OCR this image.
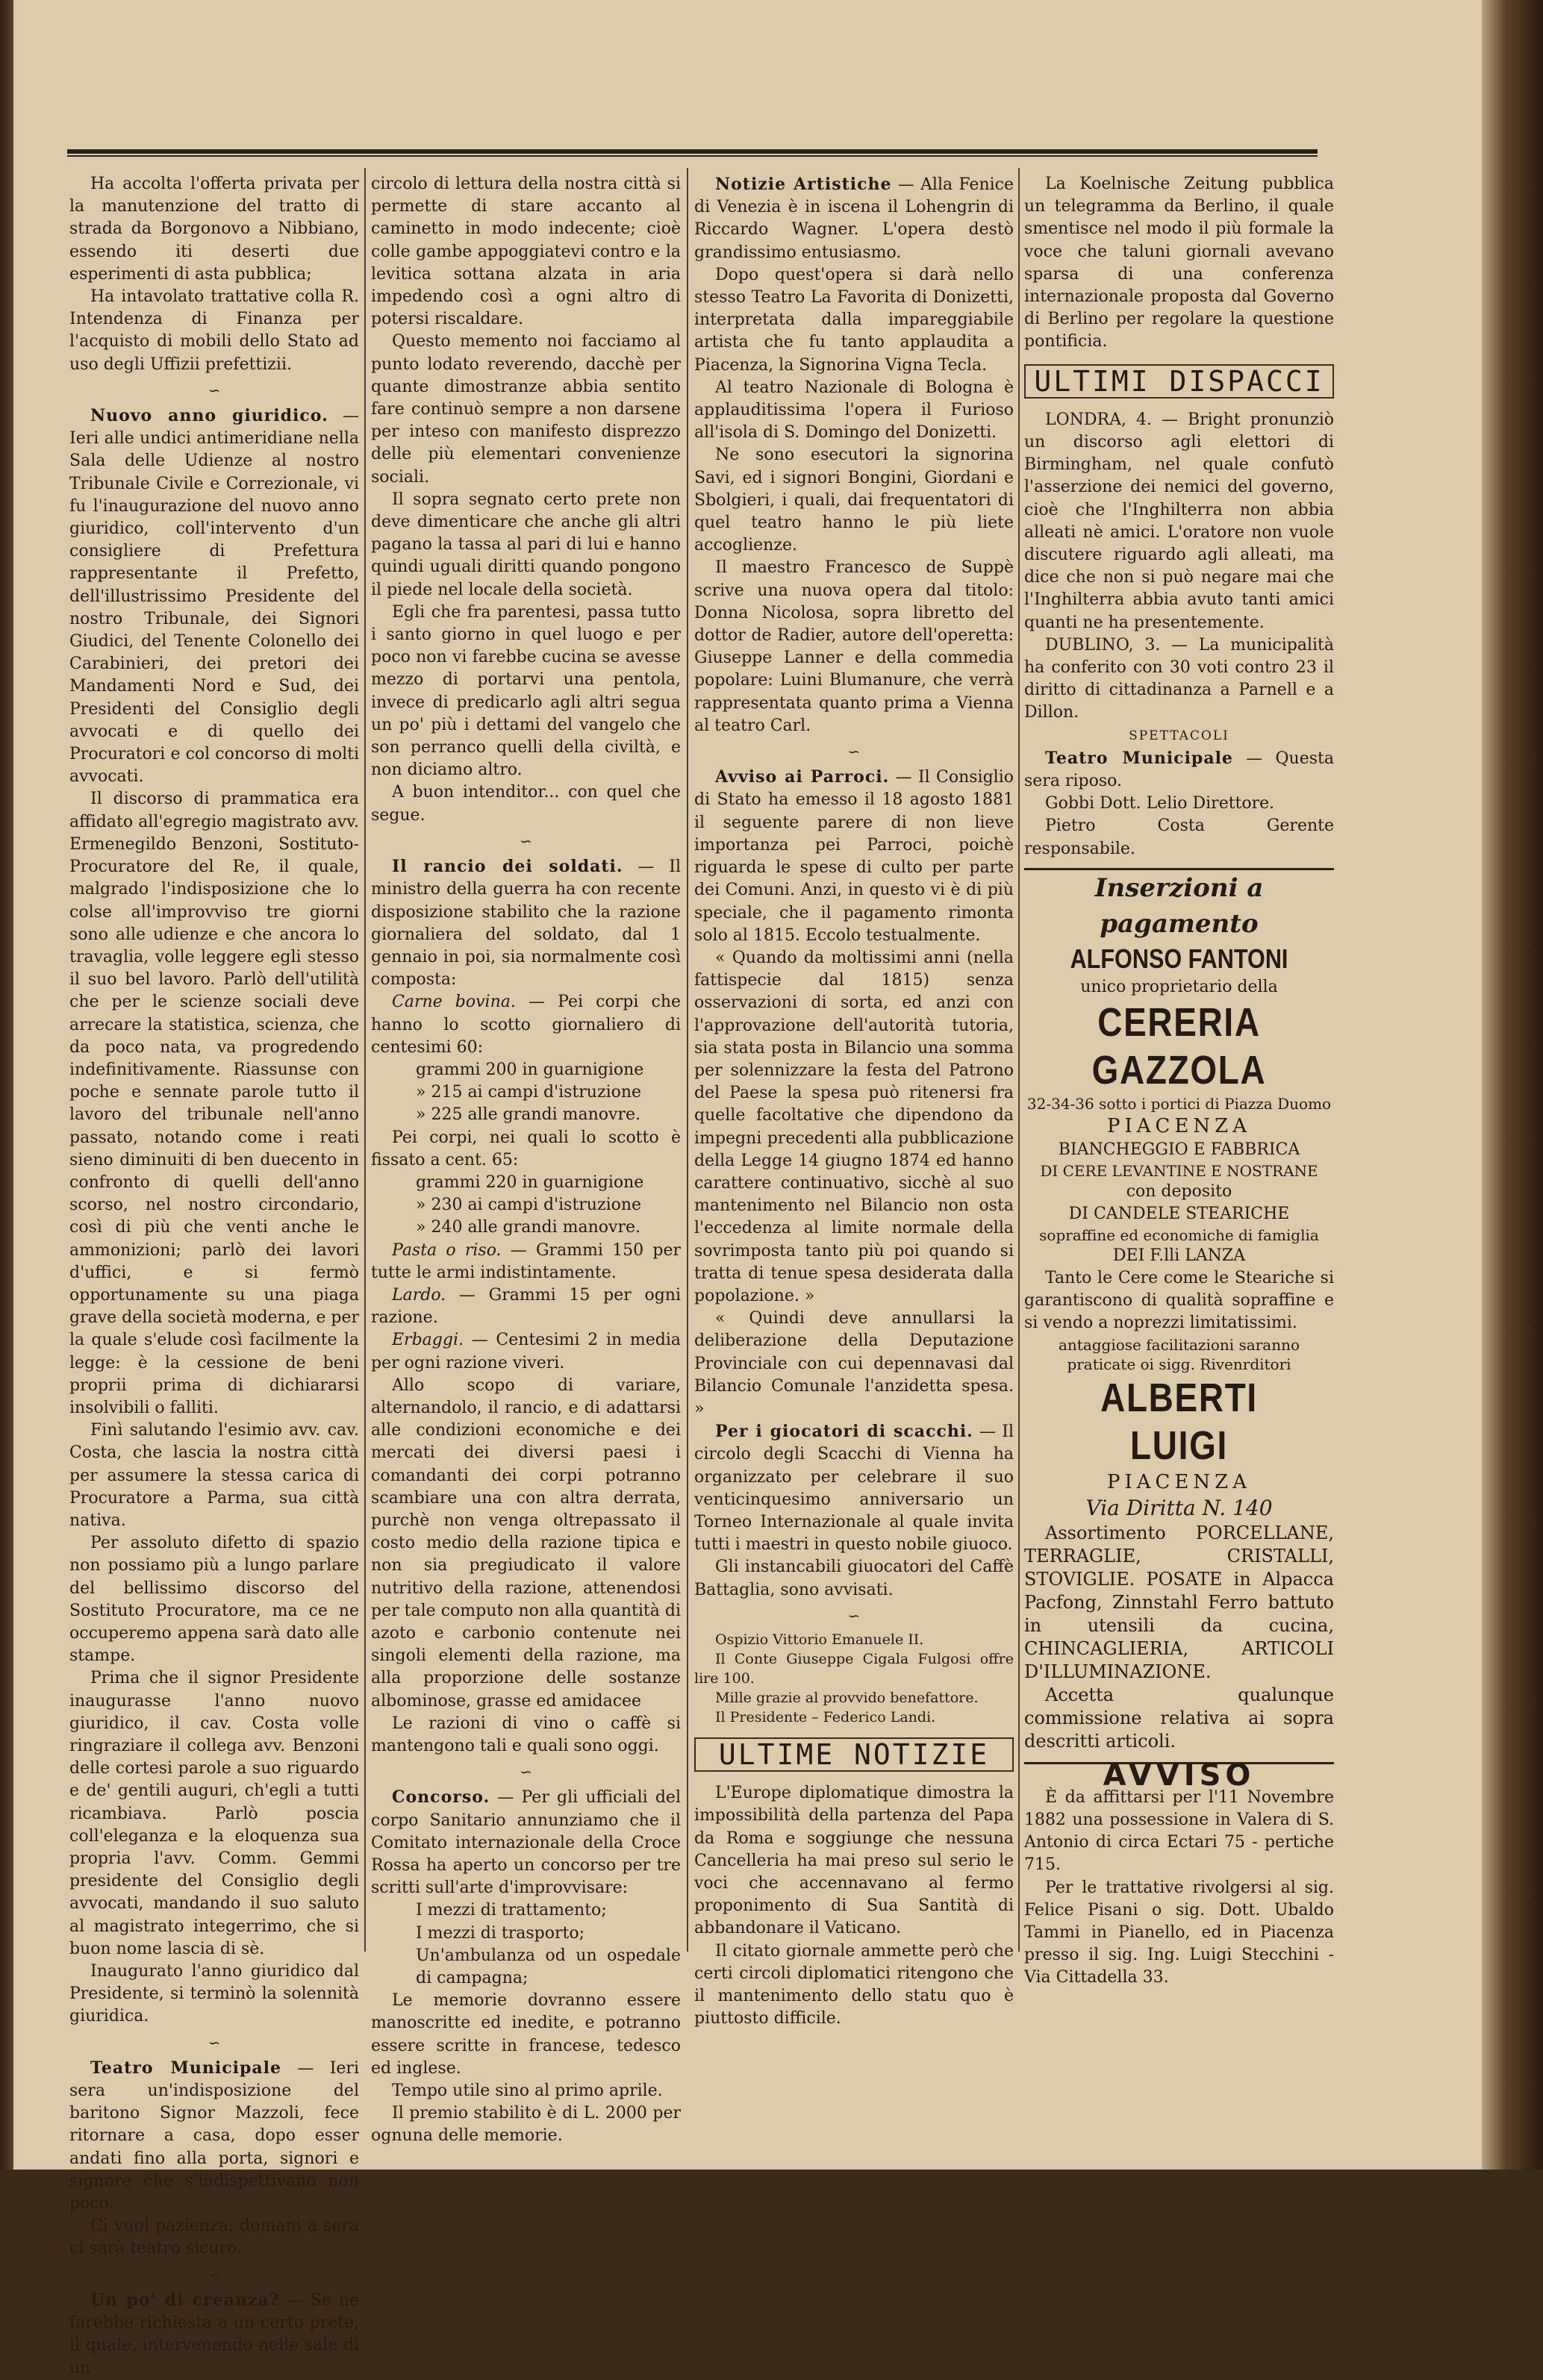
Ha accolta l'offerta privata per la manutenzione del tratto di strada da Borgonovo a Nibbiano, essendo iti deserti due esperimenti di asta pubblica;

Ha intavolato trattative colla R. Intendenza di Finanza per l'acquisto di mobili dello Stato ad uso degli Uffizii prefettizii.

∽

Nuovo anno giuridico. — Ieri alle undici antimeridiane nella Sala delle Udienze al nostro Tribunale Civile e Correzionale, vi fu l'inaugurazione del nuovo anno giuridico, coll'intervento d'un consigliere di Prefettura rappresentante il Prefetto, dell'illustrissimo Presidente del nostro Tribunale, dei Signori Giudici, del Tenente Colonello dei Carabinieri, dei pretori dei Mandamenti Nord e Sud, dei Presidenti del Consiglio degli avvocati e di quello dei Procuratori e col concorso di molti avvocati.

Il discorso di prammatica era affidato all'egregio magistrato avv. Ermenegildo Benzoni, Sostituto-Procuratore del Re, il quale, malgrado l'indisposizione che lo colse all'improvviso tre giorni sono alle udienze e che ancora lo travaglia, volle leggere egli stesso il suo bel lavoro. Parlò dell'utilità che per le scienze sociali deve arrecare la statistica, scienza, che da poco nata, va progredendo indefinitivamente. Riassunse con poche e sennate parole tutto il lavoro del tribunale nell'anno passato, notando come i reati sieno diminuiti di ben duecento in confronto di quelli dell'anno scorso, nel nostro circondario, così di più che venti anche le ammonizioni; parlò dei lavori d'uffici, e si fermò opportunamente su una piaga grave della società moderna, e per la quale s'elude così facilmente la legge: è la cessione de beni proprii prima di dichiararsi insolvibili o falliti.

Finì salutando l'esimio avv. cav. Costa, che lascia la nostra città per assumere la stessa carica di Procuratore a Parma, sua città nativa.

Per assoluto difetto di spazio non possiamo più a lungo parlare del bellissimo discorso del Sostituto Procuratore, ma ce ne occuperemo appena sarà dato alle stampe.

Prima che il signor Presidente inaugurasse l'anno nuovo giuridico, il cav. Costa volle ringraziare il collega avv. Benzoni delle cortesi parole a suo riguardo e de' gentili auguri, ch'egli a tutti ricambiava. Parlò poscia coll'eleganza e la eloquenza sua propria l'avv. Comm. Gemmi presidente del Consiglio degli avvocati, mandando il suo saluto al magistrato integerrimo, che si buon nome lascia di sè.

Inaugurato l'anno giuridico dal Presidente, si terminò la solennità giuridica.

∽

Teatro Municipale — Ieri sera un'indisposizione del baritono Signor Mazzoli, fece ritornare a casa, dopo esser andati fino alla porta, signori e signore che s'indispettivano non poco.

Ci vuol pazienza: domani a sera ci sarà teatro sicuro.

∽

Un po' di creanza? — Se ne farebbe richiesta a un certo prete, il quale, intervenendo nelle sale di un

circolo di lettura della nostra città si permette di stare accanto al caminetto in modo indecente; cioè colle gambe appoggiatevi contro e la levitica sottana alzata in aria impedendo così a ogni altro di potersi riscaldare.

Questo memento noi facciamo al punto lodato reverendo, dacchè per quante dimostranze abbia sentito fare continuò sempre a non darsene per inteso con manifesto disprezzo delle più elementari convenienze sociali.

Il sopra segnato certo prete non deve dimenticare che anche gli altri pagano la tassa al pari di lui e hanno quindi uguali diritti quando pongono il piede nel locale della società.

Egli che fra parentesi, passa tutto i santo giorno in quel luogo e per poco non vi farebbe cucina se avesse mezzo di portarvi una pentola, invece di predicarlo agli altri segua un po' più i dettami del vangelo che son perranco quelli della civiltà, e non diciamo altro.

A buon intenditor... con quel che segue.

∽

Il rancio dei soldati. — Il ministro della guerra ha con recente disposizione stabilito che la razione giornaliera del soldato, dal 1 gennaio in poi, sia normalmente così composta:

Carne bovina. — Pei corpi che hanno lo scotto giornaliero di centesimi 60:

grammi 200 in guarnigione
» 215 ai campi d'istruzione
» 225 alle grandi manovre.

Pei corpi, nei quali lo scotto è fissato a cent. 65:

grammi 220 in guarnigione
» 230 ai campi d'istruzione
» 240 alle grandi manovre.

Pasta o riso. — Grammi 150 per tutte le armi indistintamente.

Lardo. — Grammi 15 per ogni razione.

Erbaggi. — Centesimi 2 in media per ogni razione viveri.

Allo scopo di variare, alternandolo, il rancio, e di adattarsi alle condizioni economiche e dei mercati dei diversi paesi i comandanti dei corpi potranno scambiare una con altra derrata, purchè non venga oltrepassato il costo medio della razione tipica e non sia pregiudicato il valore nutritivo della razione, attenendosi per tale computo non alla quantità di azoto e carbonio contenute nei singoli elementi della razione, ma alla proporzione delle sostanze albominose, grasse ed amidacee

Le razioni di vino o caffè si mantengono tali e quali sono oggi.

∽

Concorso. — Per gli ufficiali del corpo Sanitario annunziamo che il Comitato internazionale della Croce Rossa ha aperto un concorso per tre scritti sull'arte d'improvvisare:

I mezzi di trattamento;
I mezzi di trasporto;
Un'ambulanza od un ospedale di campagna;

Le memorie dovranno essere manoscritte ed inedite, e potranno essere scritte in francese, tedesco ed inglese.

Tempo utile sino al primo aprile.

Il premio stabilito è di L. 2000 per ognuna delle memorie.

Notizie Artistiche — Alla Fenice di Venezia è in iscena il Lohengrin di Riccardo Wagner. L'opera destò grandissimo entusiasmo.

Dopo quest'opera si darà nello stesso Teatro La Favorita di Donizetti, interpretata dalla impareggiabile artista che fu tanto applaudita a Piacenza, la Signorina Vigna Tecla.

Al teatro Nazionale di Bologna è applauditissima l'opera il Furioso all'isola di S. Domingo del Donizetti.

Ne sono esecutori la signorina Savi, ed i signori Bongini, Giordani e Sbolgieri, i quali, dai frequentatori di quel teatro hanno le più liete accoglienze.

Il maestro Francesco de Suppè scrive una nuova opera dal titolo: Donna Nicolosa, sopra libretto del dottor de Radier, autore dell'operetta: Giuseppe Lanner e della commedia popolare: Luini Blumanure, che verrà rappresentata quanto prima a Vienna al teatro Carl.

∽

Avviso ai Parroci. — Il Consiglio di Stato ha emesso il 18 agosto 1881 il seguente parere di non lieve importanza pei Parroci, poichè riguarda le spese di culto per parte dei Comuni. Anzi, in questo vi è di più speciale, che il pagamento rimonta solo al 1815. Eccolo testualmente.

« Quando da moltissimi anni (nella fattispecie dal 1815) senza osservazioni di sorta, ed anzi con l'approvazione dell'autorità tutoria, sia stata posta in Bilancio una somma per solennizzare la festa del Patrono del Paese la spesa può ritenersi fra quelle facoltative che dipendono da impegni precedenti alla pubblicazione della Legge 14 giugno 1874 ed hanno carattere continuativo, sicchè al suo mantenimento nel Bilancio non osta l'eccedenza al limite normale della sovrimposta tanto più poi quando si tratta di tenue spesa desiderata dalla popolazione. »

« Quindi deve annullarsi la deliberazione della Deputazione Provinciale con cui depennavasi dal Bilancio Comunale l'anzidetta spesa. »

Per i giocatori di scacchi. — Il circolo degli Scacchi di Vienna ha organizzato per celebrare il suo venticinquesimo anniversario un Torneo Internazionale al quale invita tutti i maestri in questo nobile giuoco.

Gli instancabili giuocatori del Caffè Battaglia, sono avvisati.

∽

Ospizio Vittorio Emanuele II.

Il Conte Giuseppe Cigala Fulgosi offre lire 100.

Mille grazie al provvido benefattore.

Il Presidente – Federico Landi.

ULTIME NOTIZIE

L'Europe diplomatique dimostra la impossibilità della partenza del Papa da Roma e soggiunge che nessuna Cancelleria ha mai preso sul serio le voci che accennavano al fermo proponimento di Sua Santità di abbandonare il Vaticano.

Il citato giornale ammette però che certi circoli diplomatici ritengono che il mantenimento dello statu quo è piuttosto difficile.

La Koelnische Zeitung pubblica un telegramma da Berlino, il quale smentisce nel modo il più formale la voce che taluni giornali avevano sparsa di una conferenza internazionale proposta dal Governo di Berlino per regolare la questione pontificia.

ULTIMI DISPACCI

LONDRA, 4. — Bright pronunziò un discorso agli elettori di Birmingham, nel quale confutò l'asserzione dei nemici del governo, cioè che l'Inghilterra non abbia alleati nè amici. L'oratore non vuole discutere riguardo agli alleati, ma dice che non si può negare mai che l'Inghilterra abbia avuto tanti amici quanti ne ha presentemente.

DUBLINO, 3. — La municipalità ha conferito con 30 voti contro 23 il diritto di cittadinanza a Parnell e a Dillon.

SPETTACOLI

Teatro Municipale — Questa sera riposo.

Gobbi Dott. Lelio Direttore.

Pietro Costa Gerente responsabile.

Inserzioni a pagamento
ALFONSO FANTONI
unico proprietario della
CERERIA GAZZOLA
32-34-36 sotto i portici di Piazza Duomo
PIACENZA
BIANCHEGGIO E FABBRICA
DI CERE LEVANTINE E NOSTRANE
con deposito
DI CANDELE STEARICHE
sopraffine ed economiche di famiglia
DEI F.lli LANZA

Tanto le Cere come le Steariche si garantiscono di qualità sopraffine e si vendo a noprezzi limitatissimi.

antaggiose facilitazioni saranno praticate oi sigg. Rivenrditori
ALBERTI LUIGI
PIACENZA
Via Diritta N. 140
Assortimento PORCELLANE, TERRAGLIE, CRISTALLI, STOVIGLIE. POSATE in Alpacca Pacfong, Zinnstahl Ferro battuto in utensili da cucina, CHINCAGLIERIA, ARTICOLI D'ILLUMINAZIONE.
Accetta qualunque commissione relativa ai sopra descritti articoli.
AVVISO

È da affittarsi per l'11 Novembre 1882 una possessione in Valera di S. Antonio di circa Ectari 75 - pertiche 715.

Per le trattative rivolgersi al sig. Felice Pisani o sig. Dott. Ubaldo Tammi in Pianello, ed in Piacenza presso il sig. Ing. Luigi Stecchini - Via Cittadella 33.
